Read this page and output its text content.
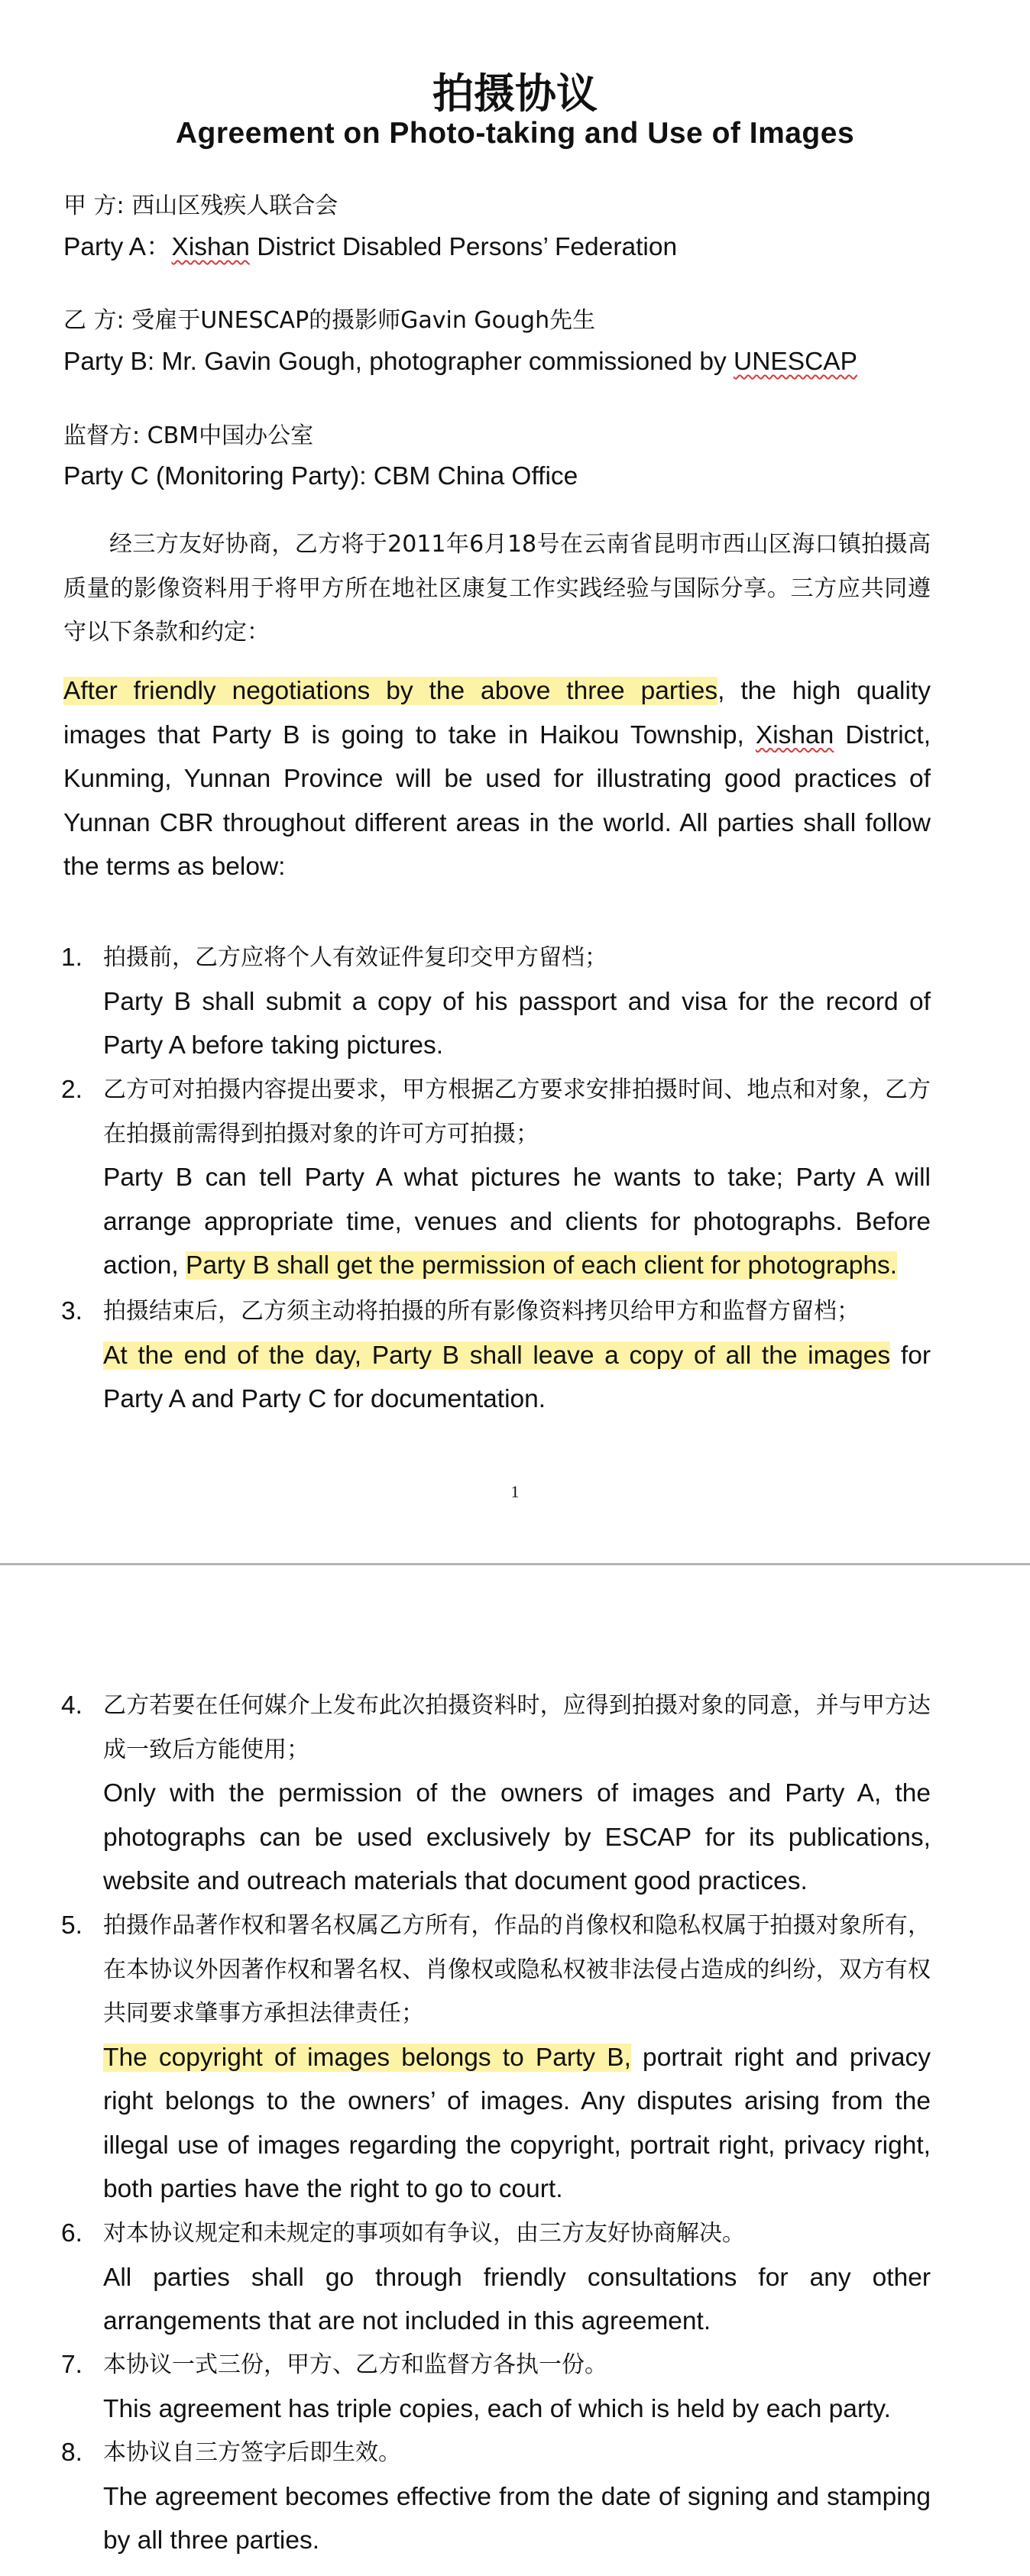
拍摄协议
Agreement on Photo-taking and Use of Images
甲 方: 西山区残疾人联合会
Party A：Xishan District Disabled Persons’ Federation
乙 方: 受雇于UNESCAP的摄影师Gavin Gough先生
Party B: Mr. Gavin Gough, photographer commissioned by UNESCAP
监督方: CBM中国办公室
Party C (Monitoring Party): CBM China Office
经三方友好协商，乙方将于2011年6月18号在云南省昆明市西山区海口镇拍摄高质量的影像资料用于将甲方所在地社区康复工作实践经验与国际分享。三方应共同遵守以下条款和约定：
After friendly negotiations by the above three parties, the high quality images that Party B is going to take in Haikou Township, Xishan District, Kunming, Yunnan Province will be used for illustrating good practices of Yunnan CBR throughout different areas in the world. All parties shall follow the terms as below:
1. 拍摄前，乙方应将个人有效证件复印交甲方留档；
Party B shall submit a copy of his passport and visa for the record of Party A before taking pictures.
2. 乙方可对拍摄内容提出要求，甲方根据乙方要求安排拍摄时间、地点和对象，乙方在拍摄前需得到拍摄对象的许可方可拍摄；
Party B can tell Party A what pictures he wants to take; Party A will arrange appropriate time, venues and clients for photographs. Before action, Party B shall get the permission of each client for photographs.
3. 拍摄结束后，乙方须主动将拍摄的所有影像资料拷贝给甲方和监督方留档；
At the end of the day, Party B shall leave a copy of all the images for Party A and Party C for documentation.
1
4. 乙方若要在任何媒介上发布此次拍摄资料时，应得到拍摄对象的同意，并与甲方达成一致后方能使用；
Only with the permission of the owners of images and Party A, the photographs can be used exclusively by ESCAP for its publications, website and outreach materials that document good practices.
5. 拍摄作品著作权和署名权属乙方所有，作品的肖像权和隐私权属于拍摄对象所有，在本协议外因著作权和署名权、肖像权或隐私权被非法侵占造成的纠纷，双方有权共同要求肇事方承担法律责任；
The copyright of images belongs to Party B, portrait right and privacy right belongs to the owners’ of images. Any disputes arising from the illegal use of images regarding the copyright, portrait right, privacy right, both parties have the right to go to court.
6. 对本协议规定和未规定的事项如有争议，由三方友好协商解决。
All parties shall go through friendly consultations for any other arrangements that are not included in this agreement.
7. 本协议一式三份，甲方、乙方和监督方各执一份。
This agreement has triple copies, each of which is held by each party.
8. 本协议自三方签字后即生效。
The agreement becomes effective from the date of signing and stamping by all three parties.
